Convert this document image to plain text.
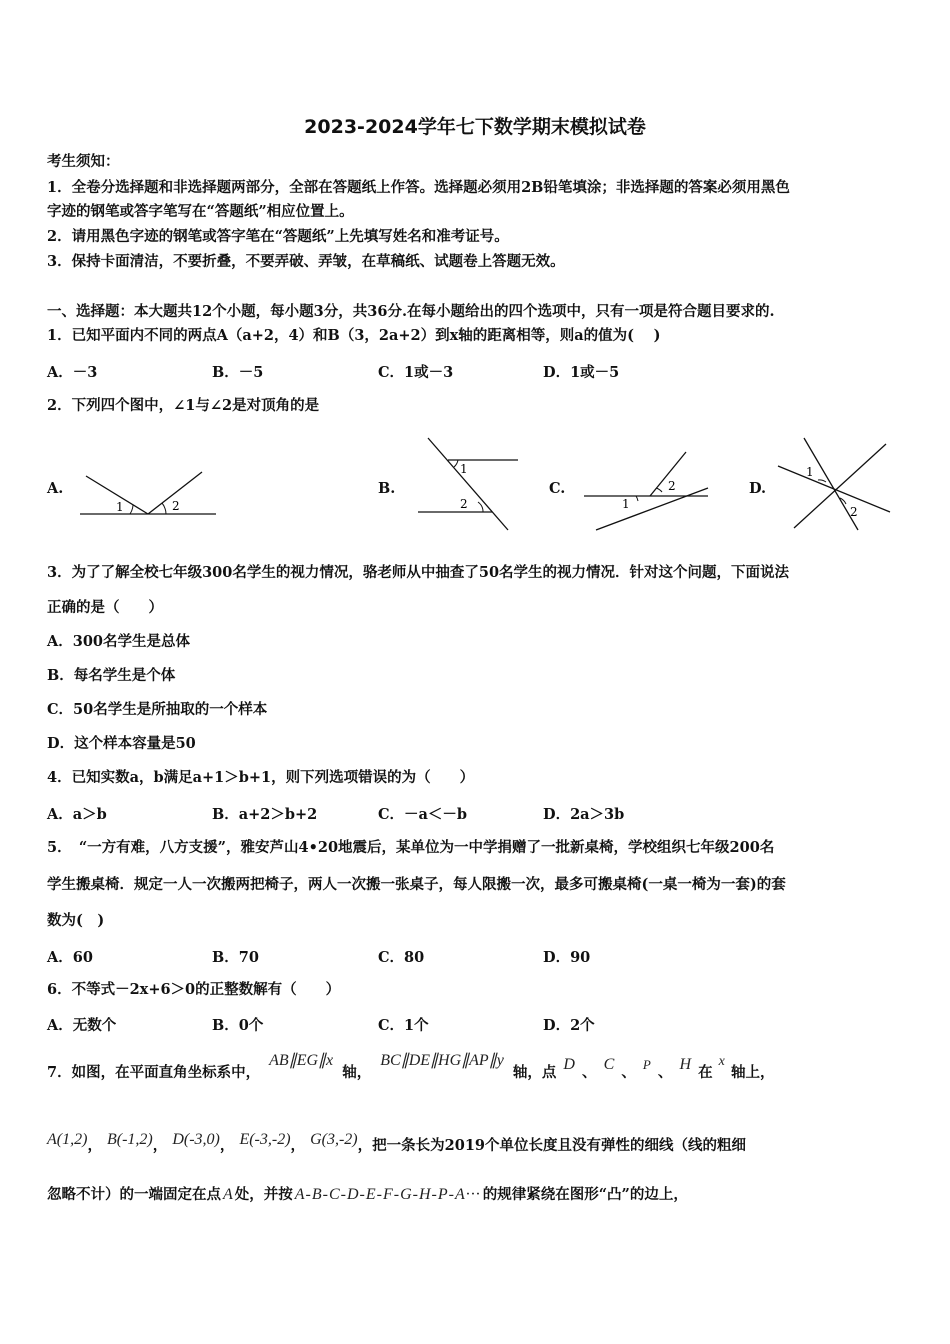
2023-2024学年七下数学期末模拟试卷
考生须知：
1．全卷分选择题和非选择题两部分，全部在答题纸上作答。选择题必须用2B铅笔填涂；非选择题的答案必须用黑色
字迹的钢笔或答字笔写在“答题纸”相应位置上。
2．请用黑色字迹的钢笔或答字笔在“答题纸”上先填写姓名和准考证号。
3．保持卡面清洁，不要折叠，不要弄破、弄皱，在草稿纸、试题卷上答题无效。
一、选择题：本大题共12个小题，每小题3分，共36分.在每小题给出的四个选项中，只有一项是符合题目要求的.
1．已知平面内不同的两点A（a+2，4）和B（3，2a+2）到x轴的距离相等，则a的值为(　 )
A．－3	B．－5	C．1或－3	D．1或－5
2．下列四个图中，∠1与∠2是对顶角的是
A.
1	2
B.
1
2
C.
1
2	D.
1
2
3．为了了解全校七年级300名学生的视力情况，骆老师从中抽查了50名学生的视力情况．针对这个问题，下面说法
正确的是（　　）
A．300名学生是总体
B．每名学生是个体
C．50名学生是所抽取的一个样本
D．这个样本容量是50
4．已知实数a，b满足a+1＞b+1，则下列选项错误的为（　　）
A．a＞b	B．a+2＞b+2	C．－a＜－b	D．2a＞3b
5．　“一方有难，八方支援”，雅安芦山4•20地震后，某单位为一中学捐赠了一批新桌椅，学校组织七年级200名
学生搬桌椅．规定一人一次搬两把椅子，两人一次搬一张桌子，每人限搬一次，最多可搬桌椅(一桌一椅为一套)的套
数为(　)
A．60	B．70	C．80	D．90
6．不等式－2x+6＞0的正整数解有（　　）
A．无数个	B．0个	C．1个	D．2个
7．如图，在平面直角坐标系中， AB∥EG∥x 轴， BC∥DE∥HG∥AP∥y 轴，点 D 、 C 、 P 、 H 在 x 轴上，
A(1,2)， B(-1,2)， D(-3,0)， E(-3,-2)， G(3,-2)，把一条长为2019个单位长度且没有弹性的细线（线的粗细
忽略不计）的一端固定在点 A 处，并按 A-B-C-D-E-F-G-H-P-A··· 的规律紧绕在图形“凸”的边上，
